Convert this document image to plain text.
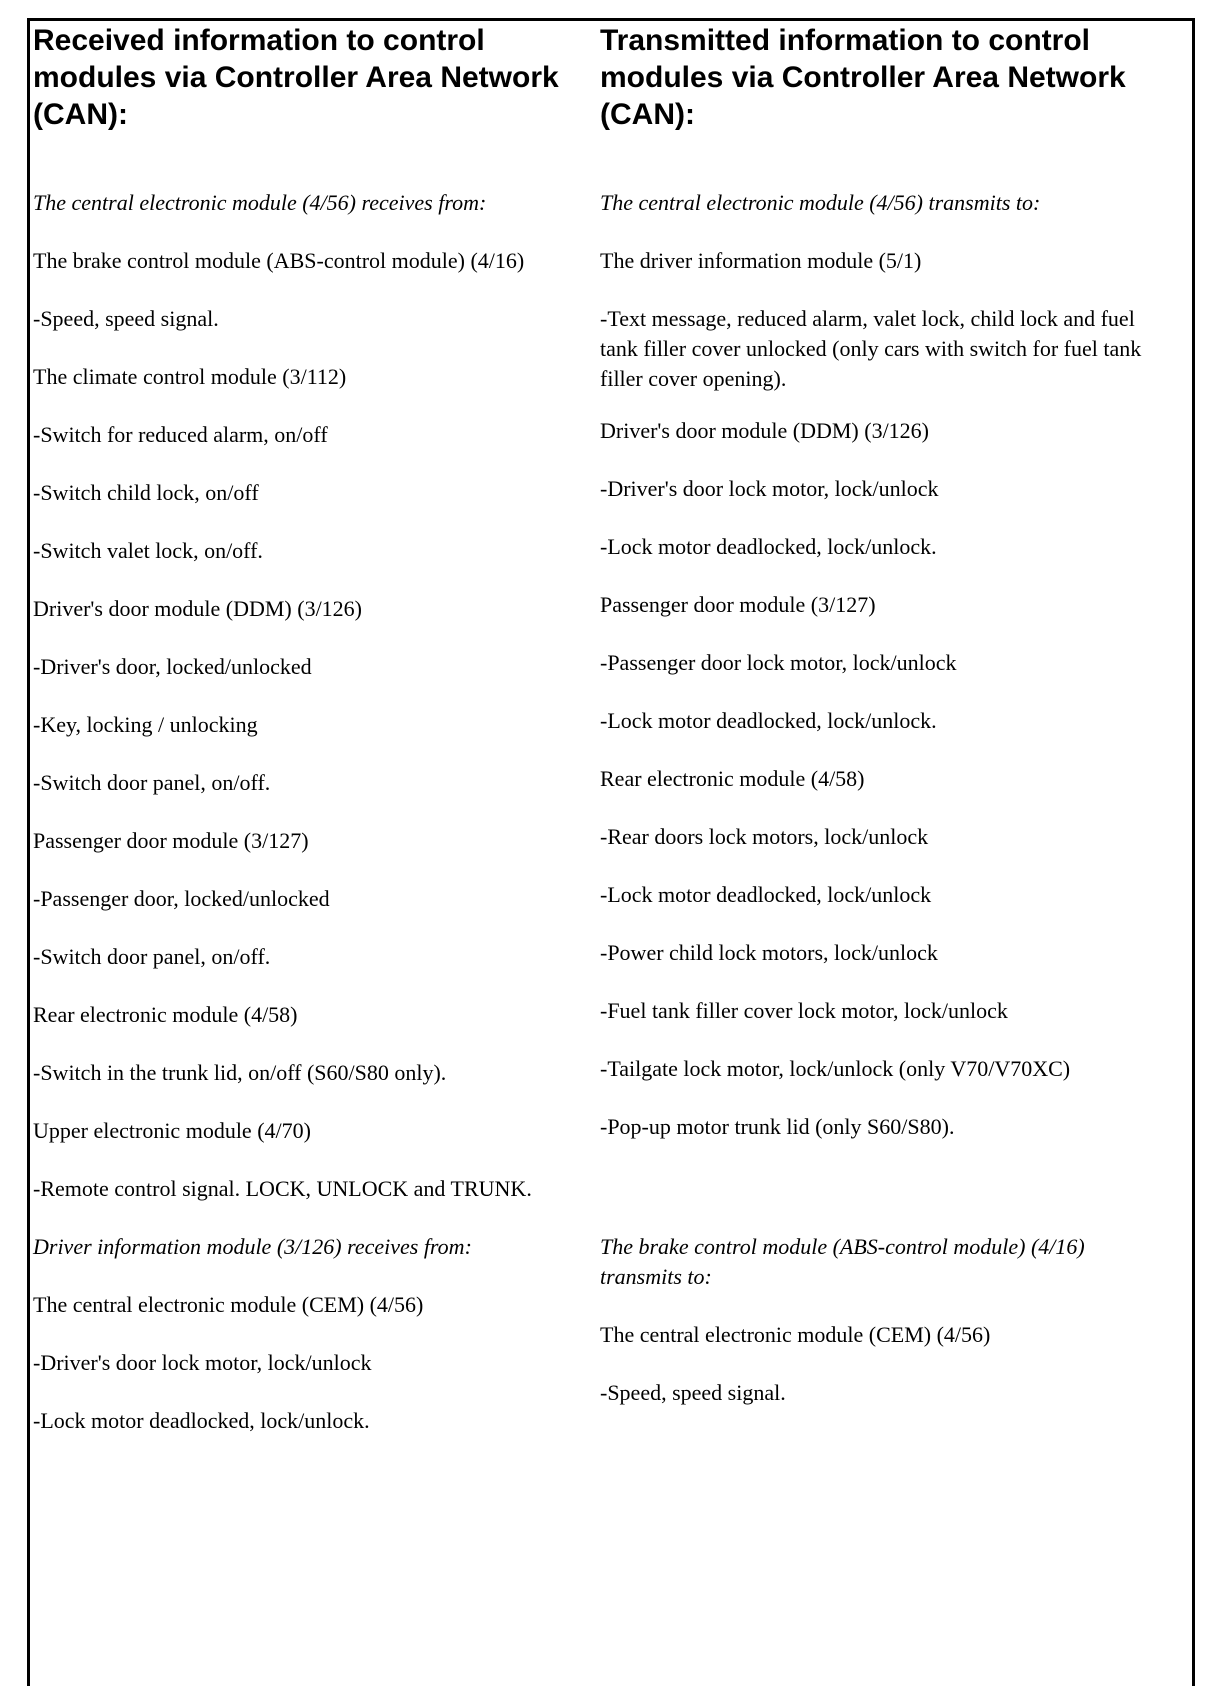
Received information to control modules via Controller Area Network (CAN):
The central electronic module (4/56) receives from:
The brake control module (ABS-control module) (4/16)
-Speed, speed signal.
The climate control module (3/112)
-Switch for reduced alarm, on/off
-Switch child lock, on/off
-Switch valet lock, on/off.
Driver's door module (DDM) (3/126)
-Driver's door, locked/unlocked
-Key, locking / unlocking
-Switch door panel, on/off.
Passenger door module (3/127)
-Passenger door, locked/unlocked
-Switch door panel, on/off.
Rear electronic module (4/58)
-Switch in the trunk lid, on/off (S60/S80 only).
Upper electronic module (4/70)
-Remote control signal. LOCK, UNLOCK and TRUNK.
Driver information module (3/126) receives from:
The central electronic module (CEM) (4/56)
-Driver's door lock motor, lock/unlock
-Lock motor deadlocked, lock/unlock.
Transmitted information to control modules via Controller Area Network (CAN):
The central electronic module (4/56) transmits to:
The driver information module (5/1)
-Text message, reduced alarm, valet lock, child lock and fuel tank filler cover unlocked (only cars with switch for fuel tank filler cover opening).
Driver's door module (DDM) (3/126)
-Driver's door lock motor, lock/unlock
-Lock motor deadlocked, lock/unlock.
Passenger door module (3/127)
-Passenger door lock motor, lock/unlock
-Lock motor deadlocked, lock/unlock.
Rear electronic module (4/58)
-Rear doors lock motors, lock/unlock
-Lock motor deadlocked, lock/unlock
-Power child lock motors, lock/unlock
-Fuel tank filler cover lock motor, lock/unlock
-Tailgate lock motor, lock/unlock (only V70/V70XC)
-Pop-up motor trunk lid (only S60/S80).
The brake control module (ABS-control module) (4/16) transmits to:
The central electronic module (CEM) (4/56)
-Speed, speed signal.
